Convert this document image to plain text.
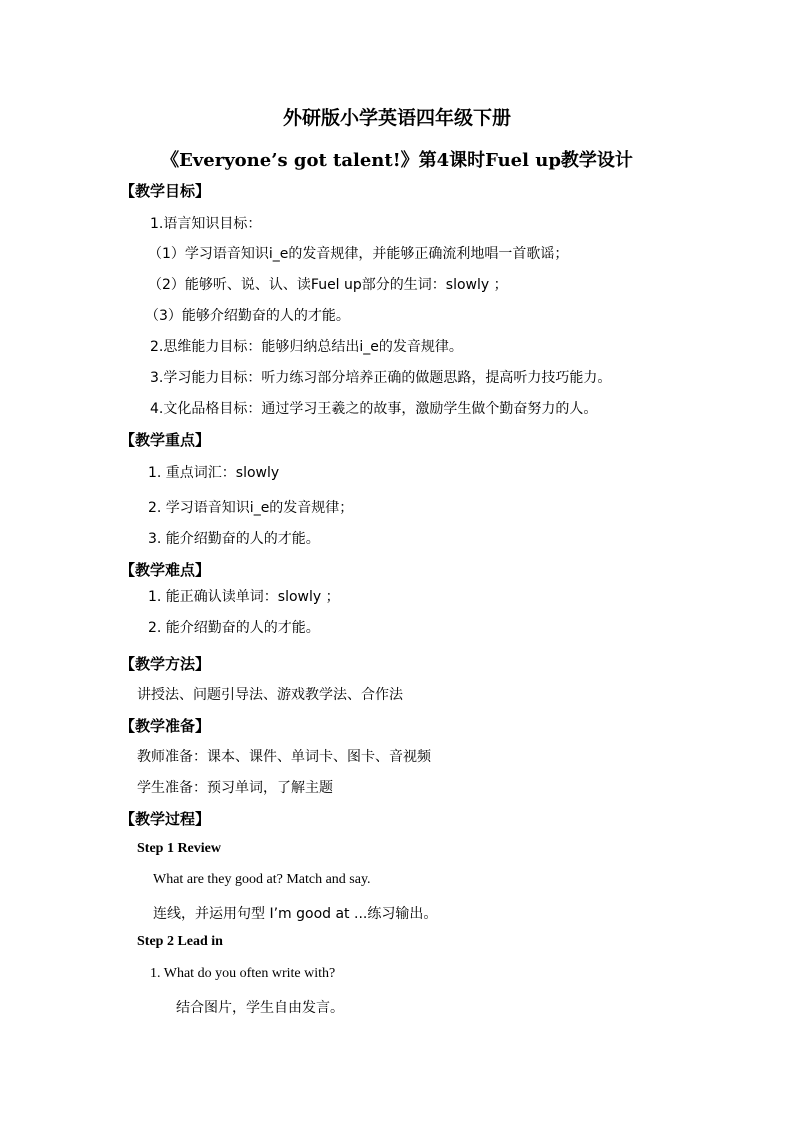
外研版小学英语四年级下册
《Everyone’s got talent!》第4课时Fuel up教学设计
【教学目标】
1.语言知识目标：
（1）学习语音知识i_e的发音规律，并能够正确流利地唱一首歌谣；
（2）能够听、说、认、读Fuel up部分的生词：slowly ；
（3）能够介绍勤奋的人的才能。
2.思维能力目标：能够归纳总结出i_e的发音规律。
3.学习能力目标：听力练习部分培养正确的做题思路，提高听力技巧能力。
4.文化品格目标：通过学习王羲之的故事，激励学生做个勤奋努力的人。
【教学重点】
1. 重点词汇：slowly
2. 学习语音知识i_e的发音规律；
3. 能介绍勤奋的人的才能。
【教学难点】
1. 能正确认读单词：slowly ；
2. 能介绍勤奋的人的才能。
【教学方法】
讲授法、问题引导法、游戏教学法、合作法
【教学准备】
教师准备：课本、课件、单词卡、图卡、音视频
学生准备：预习单词，了解主题
【教学过程】
Step 1 Review
What are they good at? Match and say.
连线，并运用句型 I’m good at ...练习输出。
Step 2 Lead in
1. What do you often write with?
结合图片，学生自由发言。
